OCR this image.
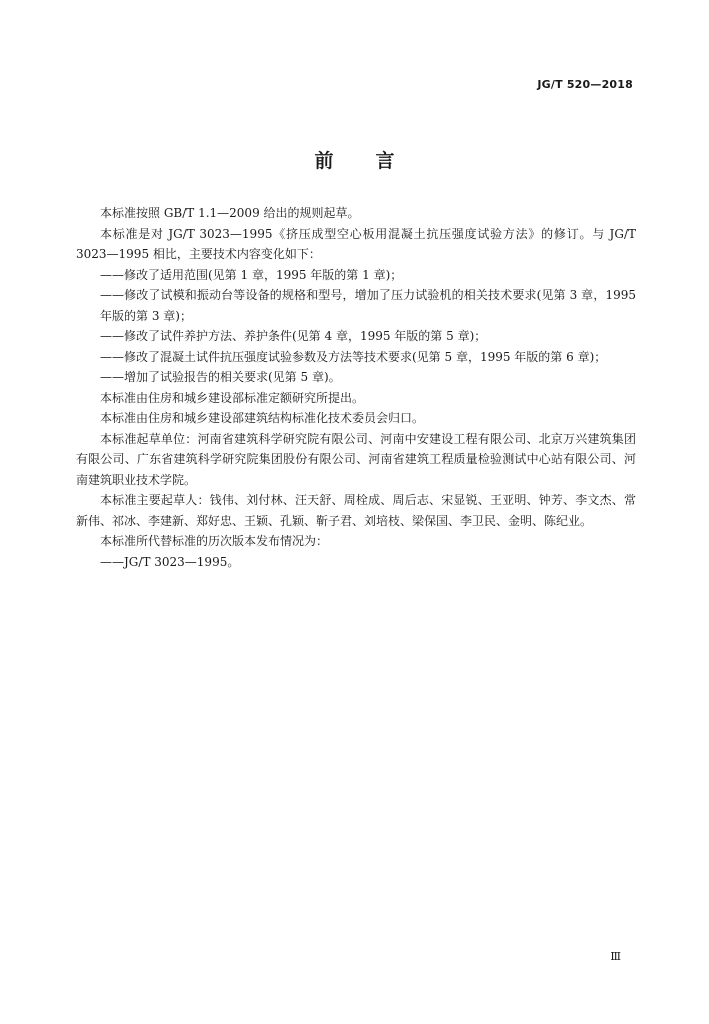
JG/T 520—2018
前言

本标准按照 GB/T 1.1—2009 给出的规则起草。

本标准是对 JG/T 3023—1995《挤压成型空心板用混凝土抗压强度试验方法》的修订。与 JG/T 3023—1995 相比，主要技术内容变化如下：

——修改了适用范围(见第 1 章，1995 年版的第 1 章)；

——修改了试模和振动台等设备的规格和型号，增加了压力试验机的相关技术要求(见第 3 章，1995 年版的第 3 章)；

——修改了试件养护方法、养护条件(见第 4 章，1995 年版的第 5 章)；

——修改了混凝土试件抗压强度试验参数及方法等技术要求(见第 5 章，1995 年版的第 6 章)；

——增加了试验报告的相关要求(见第 5 章)。

本标准由住房和城乡建设部标准定额研究所提出。

本标准由住房和城乡建设部建筑结构标准化技术委员会归口。

本标准起草单位：河南省建筑科学研究院有限公司、河南中安建设工程有限公司、北京万兴建筑集团有限公司、广东省建筑科学研究院集团股份有限公司、河南省建筑工程质量检验测试中心站有限公司、河南建筑职业技术学院。

本标准主要起草人：钱伟、刘付林、汪天舒、周栓成、周后志、宋显锐、王亚明、钟芳、李文杰、常新伟、祁冰、李建新、郑好忠、王颖、孔颖、靳子君、刘培枝、梁保国、李卫民、金明、陈纪业。

本标准所代替标准的历次版本发布情况为：

——JG/T 3023—1995。

Ⅲ
